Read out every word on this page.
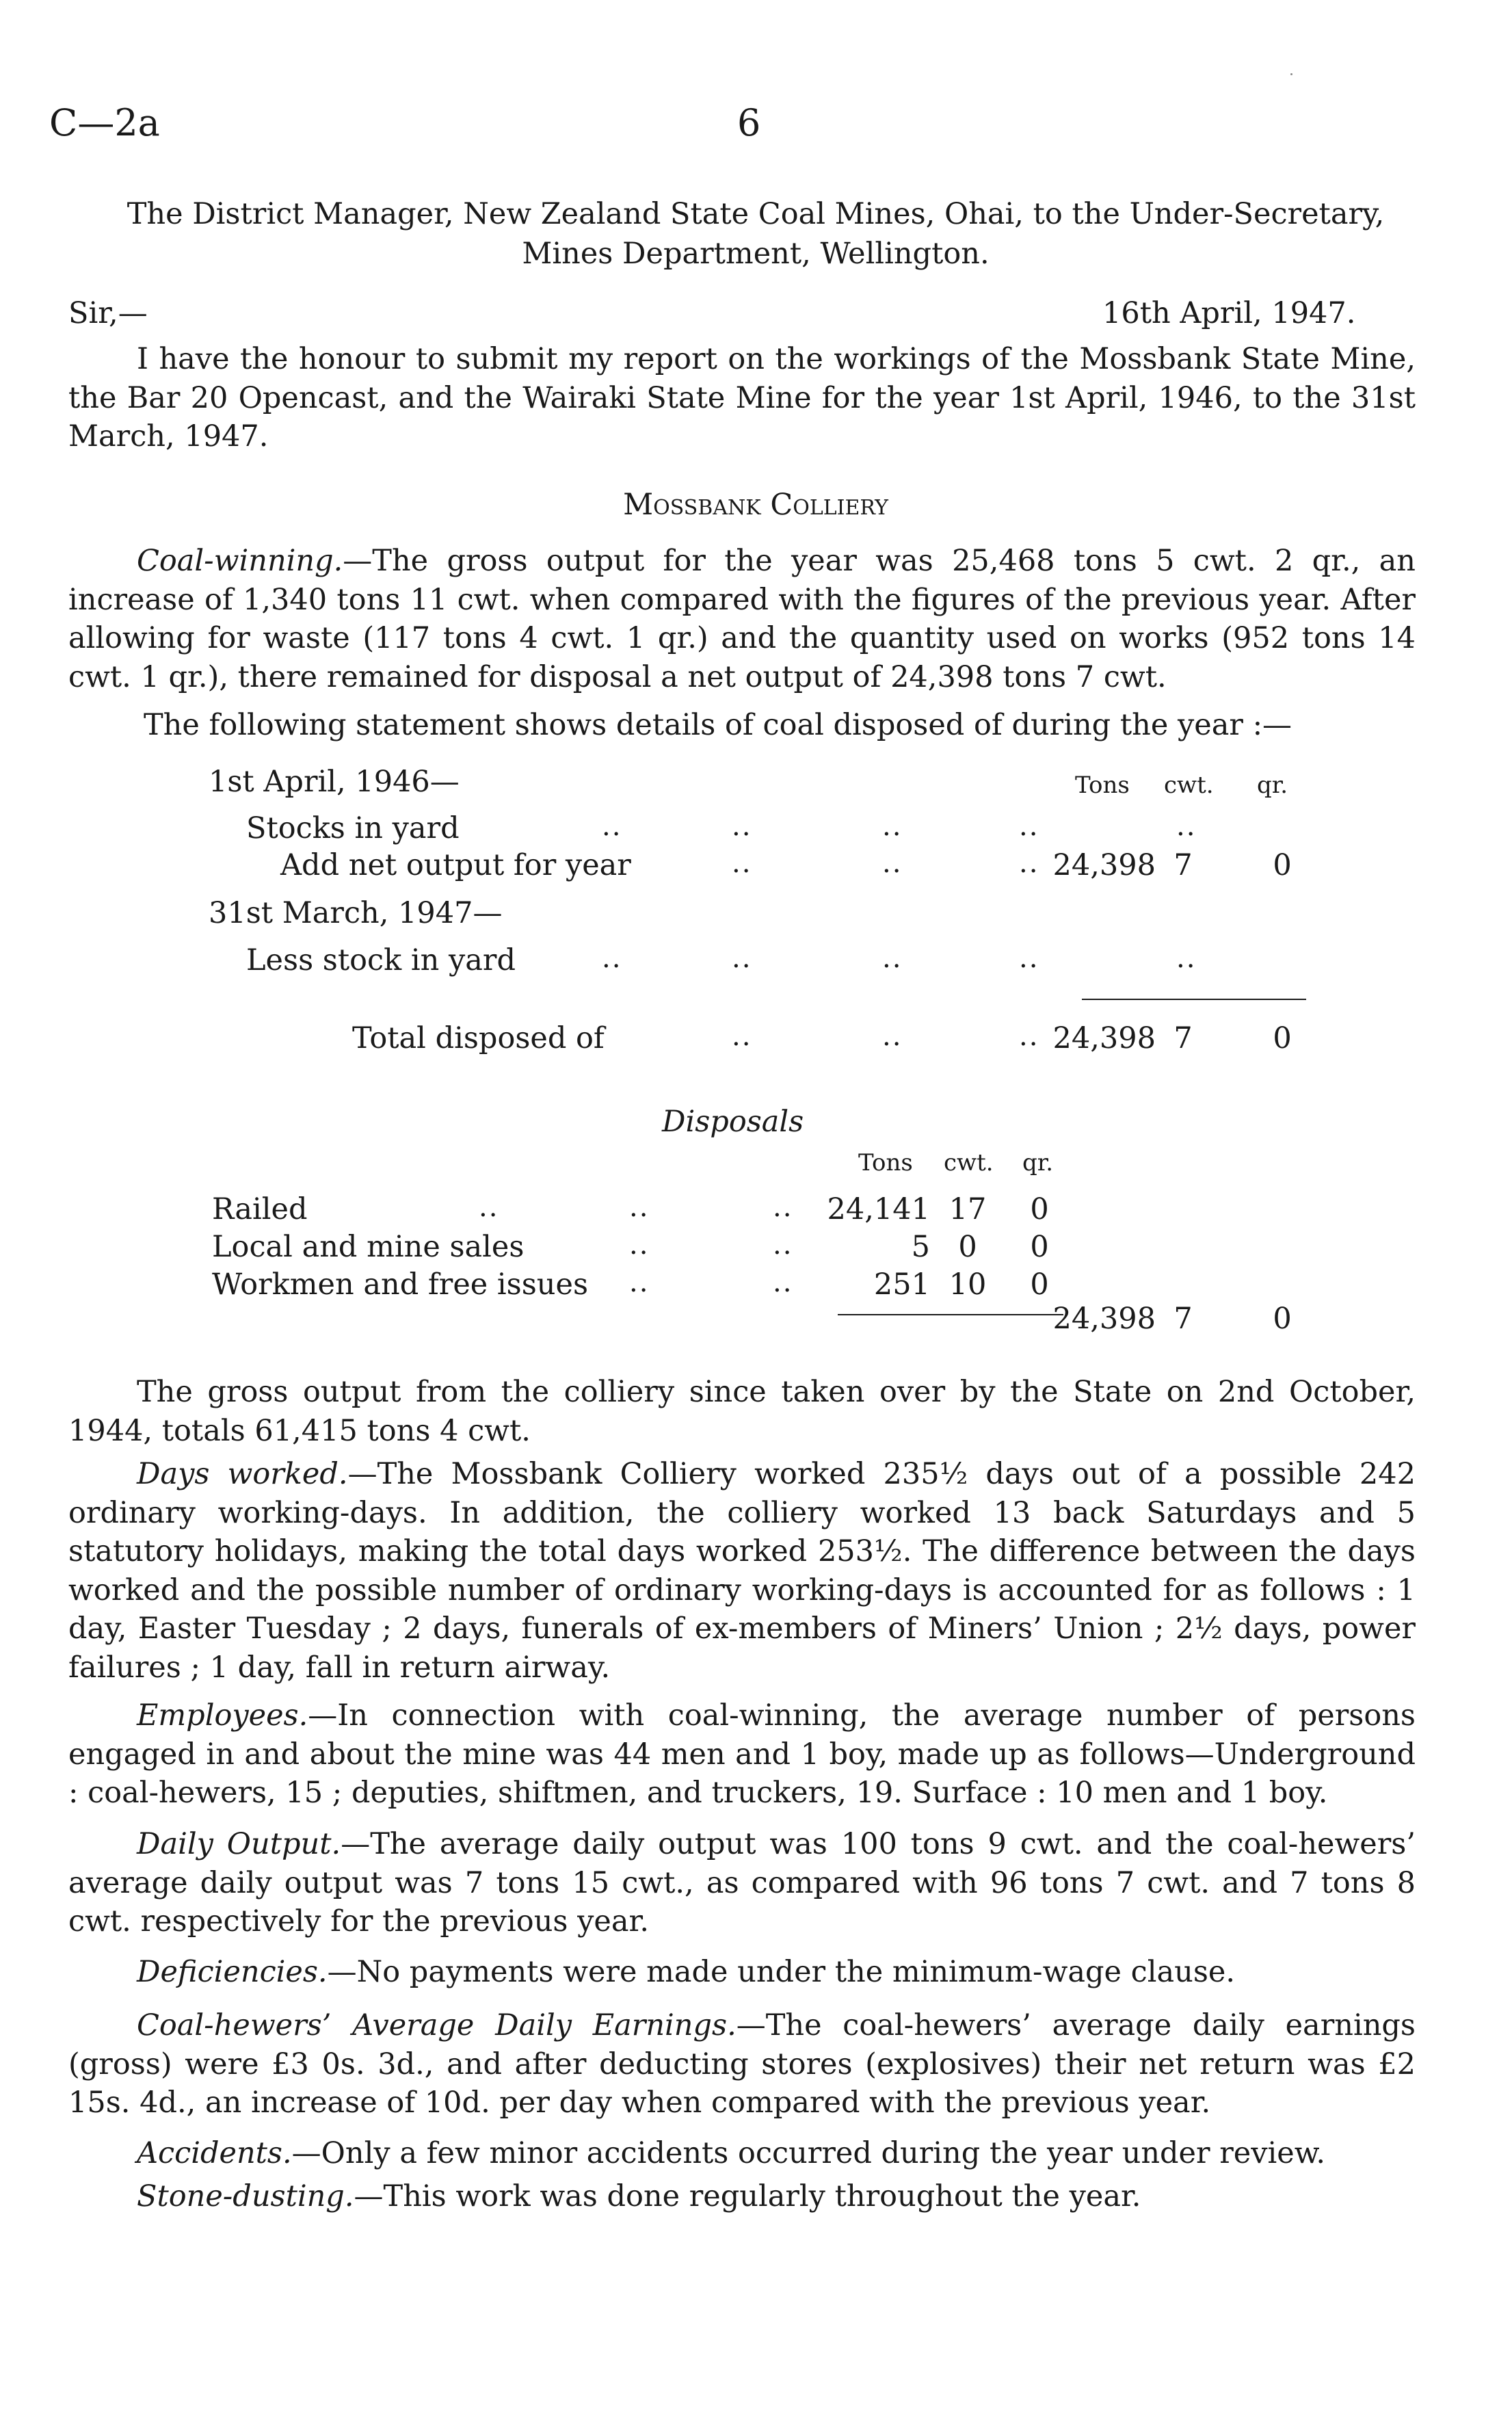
C—2a	6
The District Manager, New Zealand State Coal Mines, Ohai, to the Under-Secretary,
Mines Department, Wellington.
Sir,—	16th April, 1947.
I have the honour to submit my report on the workings of the Mossbank State Mine, the Bar 20 Opencast, and the Wairaki State Mine for the year 1st April, 1946, to the 31st March, 1947.
Mossbank Colliery
Coal-winning.—The gross output for the year was 25,468 tons 5 cwt. 2 qr., an increase of 1,340 tons 11 cwt. when compared with the figures of the previous year. After allowing for waste (117 tons 4 cwt. 1 qr.) and the quantity used on works (952 tons 14 cwt. 1 qr.), there remained for disposal a net output of 24,398 tons 7 cwt.
The following statement shows details of coal disposed of during the year :—
Tons cwt. qr.
1st April, 1946—
Stocks in yard	..	..	..	..	..
Add net output for year	..	..	.. 24,398 7	0
31st March, 1947—
Less stock in yard	..	..	..	..	..
Total disposed of	..	..	.. 24,398 7	0
Disposals
Tons cwt. qr.
Railed	..	..	..	24,141 17 0
Local and mine sales	..	..	5 0	0
Workmen and free issues ..	..	251 10 0
24,398 7	0
The gross output from the colliery since taken over by the State on 2nd October, 1944, totals 61,415 tons 4 cwt.
Days worked.—The Mossbank Colliery worked 235½ days out of a possible 242 ordinary working-days. In addition, the colliery worked 13 back Saturdays and 5 statutory holidays, making the total days worked 253½. The difference between the days worked and the possible number of ordinary working-days is accounted for as follows : 1 day, Easter Tuesday ; 2 days, funerals of ex-members of Miners’ Union ; 2½ days, power failures ; 1 day, fall in return airway.
Employees.—In connection with coal-winning, the average number of persons engaged in and about the mine was 44 men and 1 boy, made up as follows—Underground : coal-hewers, 15 ; deputies, shiftmen, and truckers, 19. Surface : 10 men and 1 boy.
Daily Output.—The average daily output was 100 tons 9 cwt. and the coal-hewers’ average daily output was 7 tons 15 cwt., as compared with 96 tons 7 cwt. and 7 tons 8 cwt. respectively for the previous year.
Deficiencies.—No payments were made under the minimum-wage clause.
Coal-hewers’ Average Daily Earnings.—The coal-hewers’ average daily earnings (gross) were £3 0s. 3d., and after deducting stores (explosives) their net return was £2 15s. 4d., an increase of 10d. per day when compared with the previous year.
Accidents.—Only a few minor accidents occurred during the year under review.
Stone-dusting.—This work was done regularly throughout the year.
